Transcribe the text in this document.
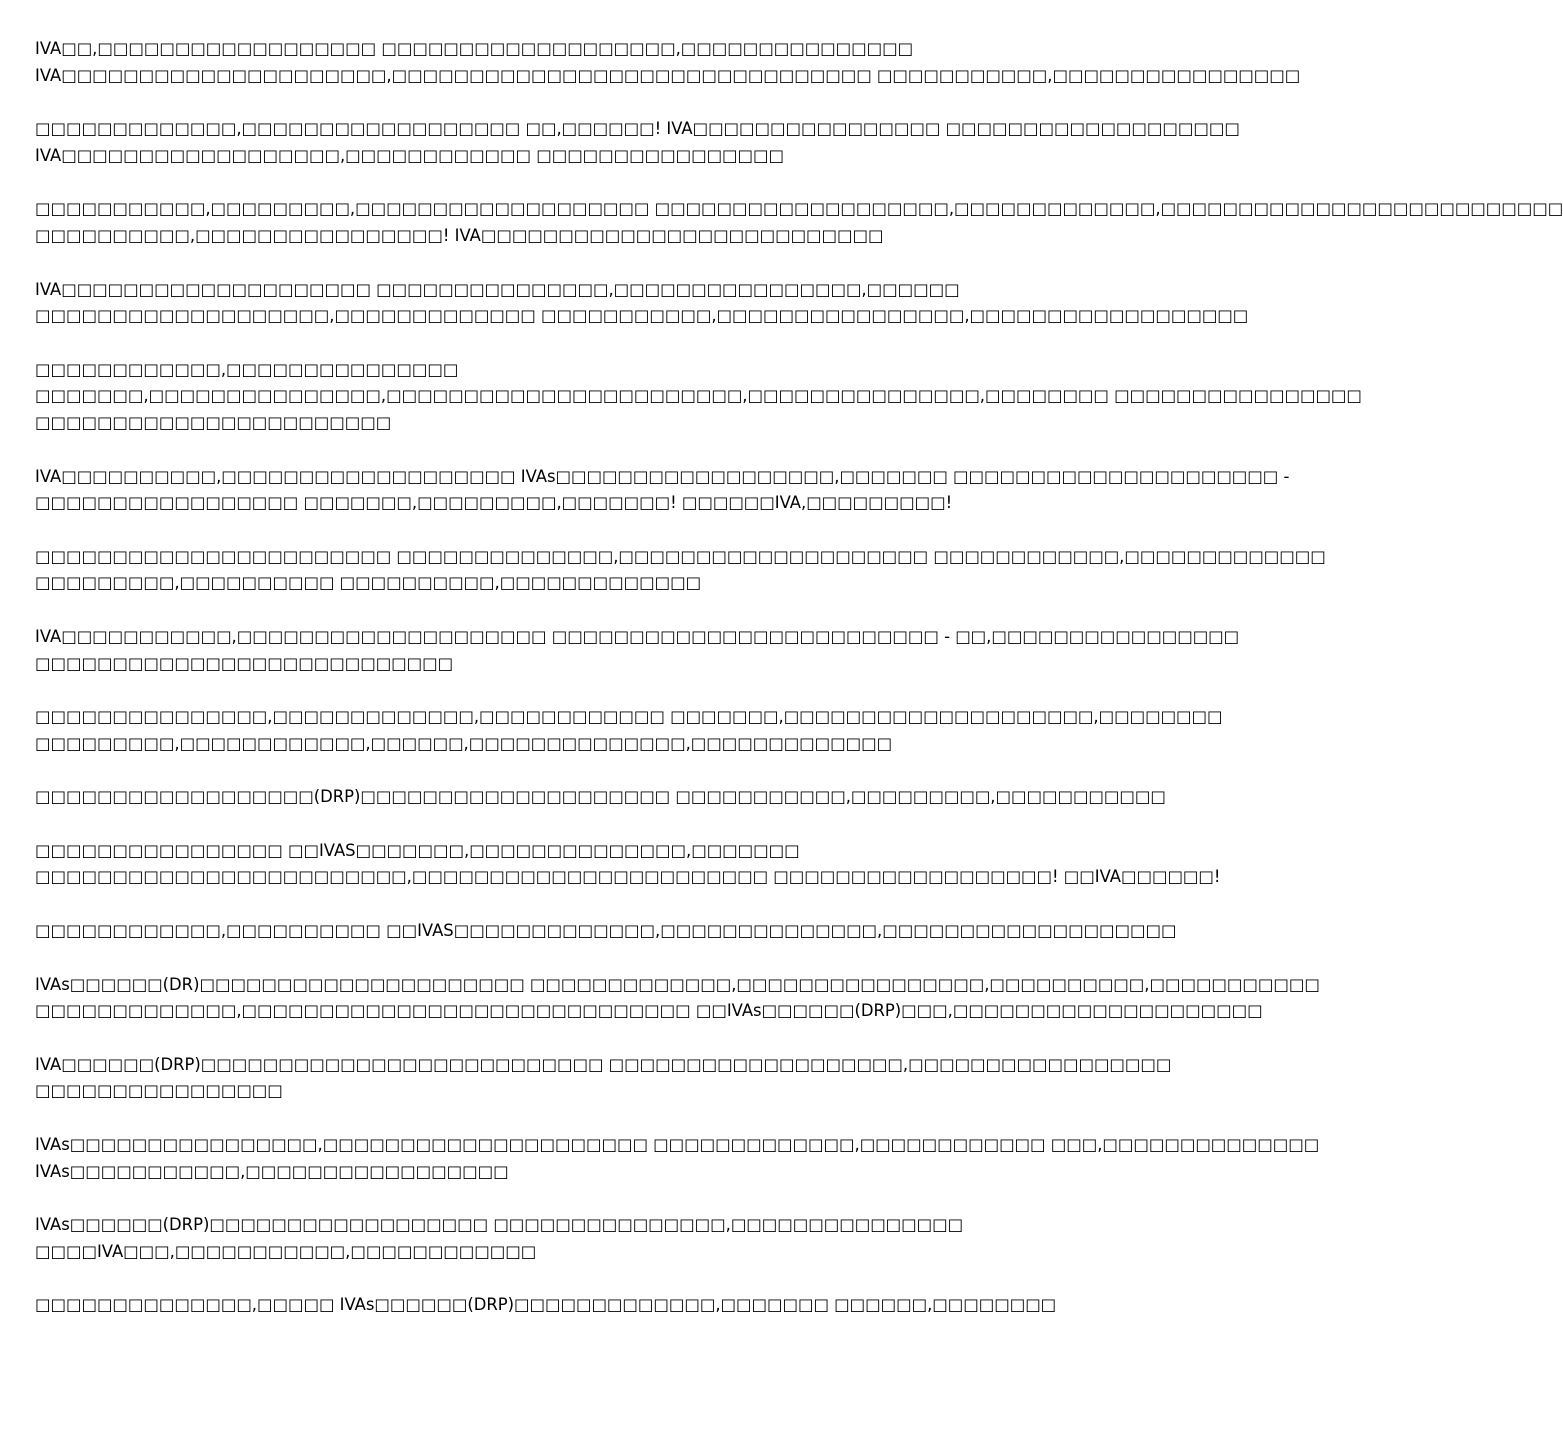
IVA□□,□□□□□□□□□□□□□□□□□□ □□□□□□□□□□□□□□□□□□□,□□□□□□□□□□□□□□□
IVA□□□□□□□□□□□□□□□□□□□□□,□□□□□□□□□□□□□□□□□□□□□□□□□□□□□□□ □□□□□□□□□□□,□□□□□□□□□□□□□□□□
□□□□□□□□□□□□□,□□□□□□□□□□□□□□□□□□ □□,□□□□□□! IVA□□□□□□□□□□□□□□□□ □□□□□□□□□□□□□□□□□□□
IVA□□□□□□□□□□□□□□□□□□,□□□□□□□□□□□□ □□□□□□□□□□□□□□□□
□□□□□□□□□□□,□□□□□□□□□,□□□□□□□□□□□□□□□□□□□ □□□□□□□□□□□□□□□□□□□,□□□□□□□□□□□□□,□□□□□□□□□□□□□□□□□□□□□□□□□□
□□□□□□□□□□,□□□□□□□□□□□□□□□□! IVA□□□□□□□□□□□□□□□□□□□□□□□□□□
IVA□□□□□□□□□□□□□□□□□□□□ □□□□□□□□□□□□□□□,□□□□□□□□□□□□□□□□,□□□□□□
□□□□□□□□□□□□□□□□□□□,□□□□□□□□□□□□□ □□□□□□□□□□□,□□□□□□□□□□□□□□□□,□□□□□□□□□□□□□□□□□□
□□□□□□□□□□□□,□□□□□□□□□□□□□□□
□□□□□□□,□□□□□□□□□□□□□□□,□□□□□□□□□□□□□□□□□□□□□□□,□□□□□□□□□□□□□□□,□□□□□□□□ □□□□□□□□□□□□□□□□
□□□□□□□□□□□□□□□□□□□□□□□
IVA□□□□□□□□□□,□□□□□□□□□□□□□□□□□□□ IVAs□□□□□□□□□□□□□□□□□□,□□□□□□□ □□□□□□□□□□□□□□□□□□□□□ -
□□□□□□□□□□□□□□□□□ □□□□□□□,□□□□□□□□□,□□□□□□□! □□□□□□IVA,□□□□□□□□□!
□□□□□□□□□□□□□□□□□□□□□□□ □□□□□□□□□□□□□□,□□□□□□□□□□□□□□□□□□□□ □□□□□□□□□□□□,□□□□□□□□□□□□□
□□□□□□□□□,□□□□□□□□□□ □□□□□□□□□□,□□□□□□□□□□□□□
IVA□□□□□□□□□□□,□□□□□□□□□□□□□□□□□□□□ □□□□□□□□□□□□□□□□□□□□□□□□□ - □□,□□□□□□□□□□□□□□□□
□□□□□□□□□□□□□□□□□□□□□□□□□□□
□□□□□□□□□□□□□□□,□□□□□□□□□□□□□,□□□□□□□□□□□□ □□□□□□□,□□□□□□□□□□□□□□□□□□□□,□□□□□□□□
□□□□□□□□□,□□□□□□□□□□□□,□□□□□□,□□□□□□□□□□□□□□,□□□□□□□□□□□□□
□□□□□□□□□□□□□□□□□□(DRP)□□□□□□□□□□□□□□□□□□□□ □□□□□□□□□□□,□□□□□□□□□,□□□□□□□□□□□
□□□□□□□□□□□□□□□□ □□IVAS□□□□□□□,□□□□□□□□□□□□□□,□□□□□□□
□□□□□□□□□□□□□□□□□□□□□□□□,□□□□□□□□□□□□□□□□□□□□□□□ □□□□□□□□□□□□□□□□□□! □□IVA□□□□□□!
□□□□□□□□□□□□,□□□□□□□□□□ □□IVAS□□□□□□□□□□□□□,□□□□□□□□□□□□□□,□□□□□□□□□□□□□□□□□□□
IVAs□□□□□□(DR)□□□□□□□□□□□□□□□□□□□□□ □□□□□□□□□□□□□,□□□□□□□□□□□□□□□□,□□□□□□□□□□,□□□□□□□□□□□
□□□□□□□□□□□□□,□□□□□□□□□□□□□□□□□□□□□□□□□□□□□ □□IVAs□□□□□□(DRP)□□□,□□□□□□□□□□□□□□□□□□□□
IVA□□□□□□(DRP)□□□□□□□□□□□□□□□□□□□□□□□□□□ □□□□□□□□□□□□□□□□□□□,□□□□□□□□□□□□□□□□□
□□□□□□□□□□□□□□□□
IVAs□□□□□□□□□□□□□□□□,□□□□□□□□□□□□□□□□□□□□□ □□□□□□□□□□□□□,□□□□□□□□□□□□ □□□,□□□□□□□□□□□□□□
IVAs□□□□□□□□□□□,□□□□□□□□□□□□□□□□□
IVAs□□□□□□(DRP)□□□□□□□□□□□□□□□□□□ □□□□□□□□□□□□□□□,□□□□□□□□□□□□□□□
□□□□IVA□□□,□□□□□□□□□□□,□□□□□□□□□□□□
□□□□□□□□□□□□□□,□□□□□ IVAs□□□□□□(DRP)□□□□□□□□□□□□□,□□□□□□□ □□□□□□,□□□□□□□□
